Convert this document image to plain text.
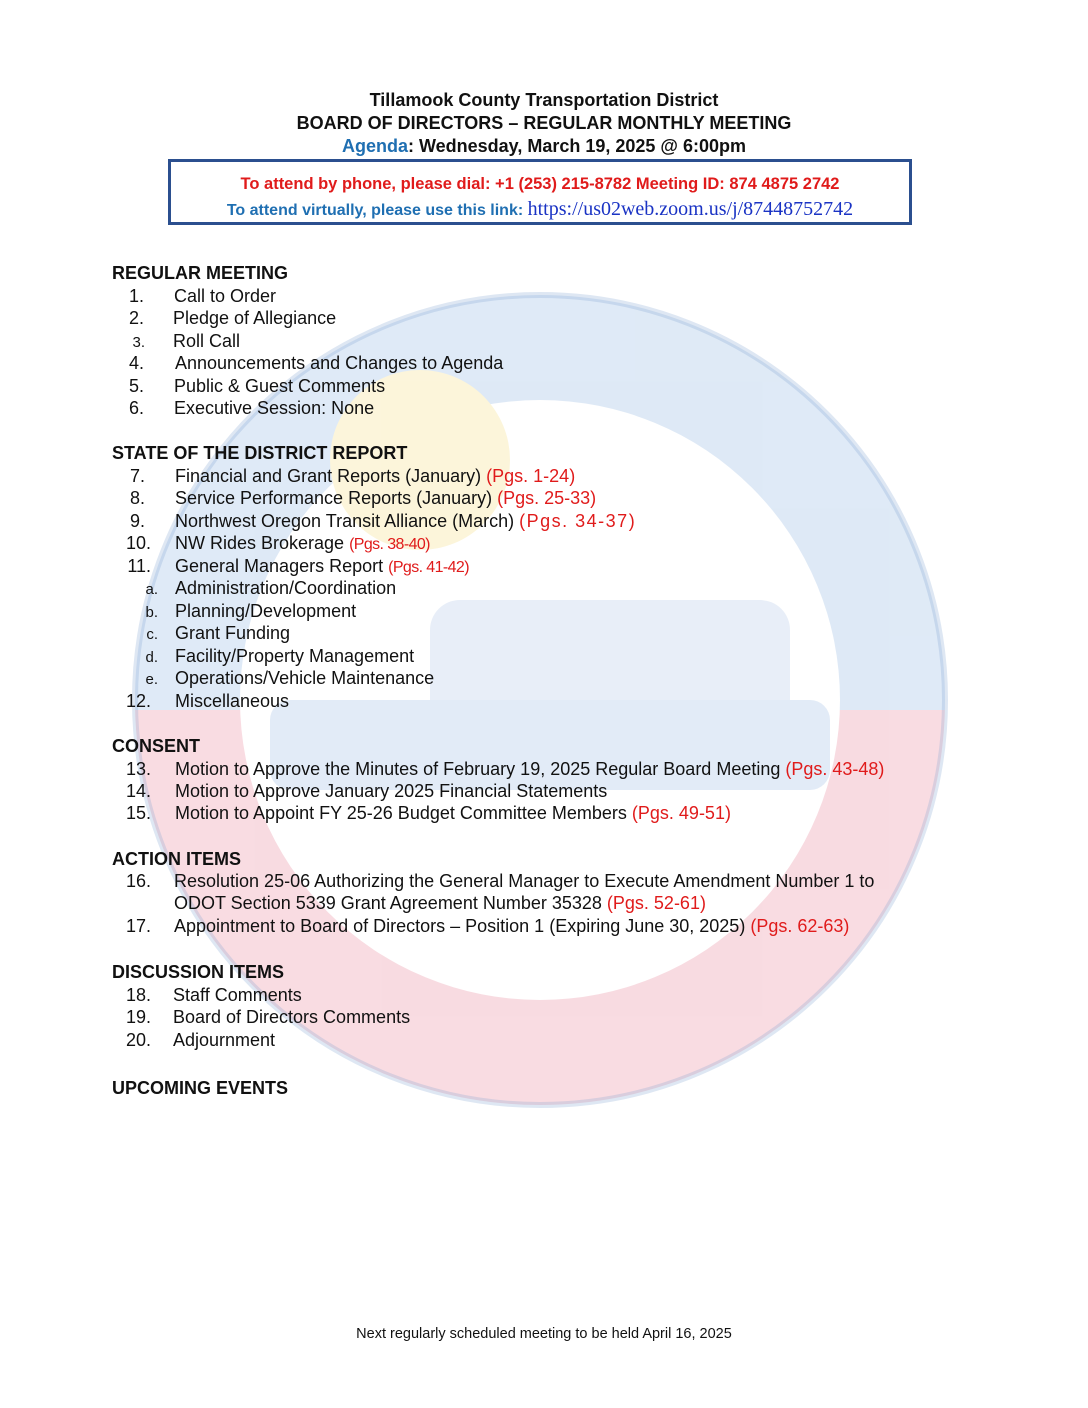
Tillamook County Transportation District
BOARD OF DIRECTORS – REGULAR MONTHLY MEETING
Agenda: Wednesday, March 19, 2025 @ 6:00pm
To attend by phone, please dial: +1 (253) 215-8782 Meeting ID: 874 4875 2742
To attend virtually, please use this link: https://us02web.zoom.us/j/87448752742
REGULAR MEETING
1. Call to Order
2. Pledge of Allegiance
3. Roll Call
4. Announcements and Changes to Agenda
5. Public & Guest Comments
6. Executive Session: None
STATE OF THE DISTRICT REPORT
7. Financial and Grant Reports (January) (Pgs. 1-24)
8. Service Performance Reports (January) (Pgs. 25-33)
9. Northwest Oregon Transit Alliance (March) (Pgs. 34-37)
10. NW Rides Brokerage (Pgs. 38-40)
11. General Managers Report (Pgs. 41-42)
a. Administration/Coordination
b. Planning/Development
c. Grant Funding
d. Facility/Property Management
e. Operations/Vehicle Maintenance
12. Miscellaneous
CONSENT
13. Motion to Approve the Minutes of February 19, 2025 Regular Board Meeting (Pgs. 43-48)
14. Motion to Approve January 2025 Financial Statements
15. Motion to Appoint FY 25-26 Budget Committee Members (Pgs. 49-51)
ACTION ITEMS
16. Resolution 25-06 Authorizing the General Manager to Execute Amendment Number 1 to
ODOT Section 5339 Grant Agreement Number 35328 (Pgs. 52-61)
17. Appointment to Board of Directors – Position 1 (Expiring June 30, 2025) (Pgs. 62-63)
DISCUSSION ITEMS
18. Staff Comments
19. Board of Directors Comments
20. Adjournment
UPCOMING EVENTS
Next regularly scheduled meeting to be held April 16, 2025
